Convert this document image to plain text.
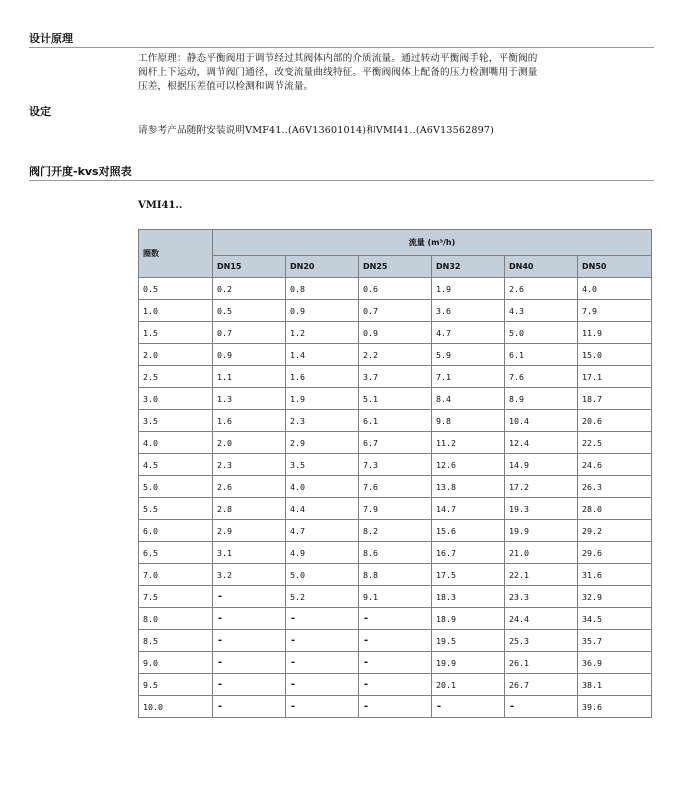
设计原理
工作原理：静态平衡阀用于调节经过其阀体内部的介质流量。通过转动平衡阀手轮，平衡阀的
阀杆上下运动，调节阀门通径，改变流量曲线特征。平衡阀阀体上配备的压力检测嘴用于测量
压差，根据压差值可以检测和调节流量。
设定
请参考产品随附安装说明VMF41..(A6V13601014)和VMI41..(A6V13562897)
阀门开度-kvs对照表
VMI41..
圈数	流量 (m³/h)					
	DN15	DN20	DN25	DN32	DN40	DN50
0.5	0.2	0.8	0.6	1.9	2.6	4.0
1.0	0.5	0.9	0.7	3.6	4.3	7.9
1.5	0.7	1.2	0.9	4.7	5.0	11.9
2.0	0.9	1.4	2.2	5.9	6.1	15.0
2.5	1.1	1.6	3.7	7.1	7.6	17.1
3.0	1.3	1.9	5.1	8.4	8.9	18.7
3.5	1.6	2.3	6.1	9.8	10.4	20.6
4.0	2.0	2.9	6.7	11.2	12.4	22.5
4.5	2.3	3.5	7.3	12.6	14.9	24.6
5.0	2.6	4.0	7.6	13.8	17.2	26.3
5.5	2.8	4.4	7.9	14.7	19.3	28.0
6.0	2.9	4.7	8.2	15.6	19.9	29.2
6.5	3.1	4.9	8.6	16.7	21.0	29.6
7.0	3.2	5.0	8.8	17.5	22.1	31.6
7.5	-	5.2	9.1	18.3	23.3	32.9
8.0	-	-	-	18.9	24.4	34.5
8.5	-	-	-	19.5	25.3	35.7
9.0	-	-	-	19.9	26.1	36.9
9.5	-	-	-	20.1	26.7	38.1
10.0	-	-	-	-	-	39.6
